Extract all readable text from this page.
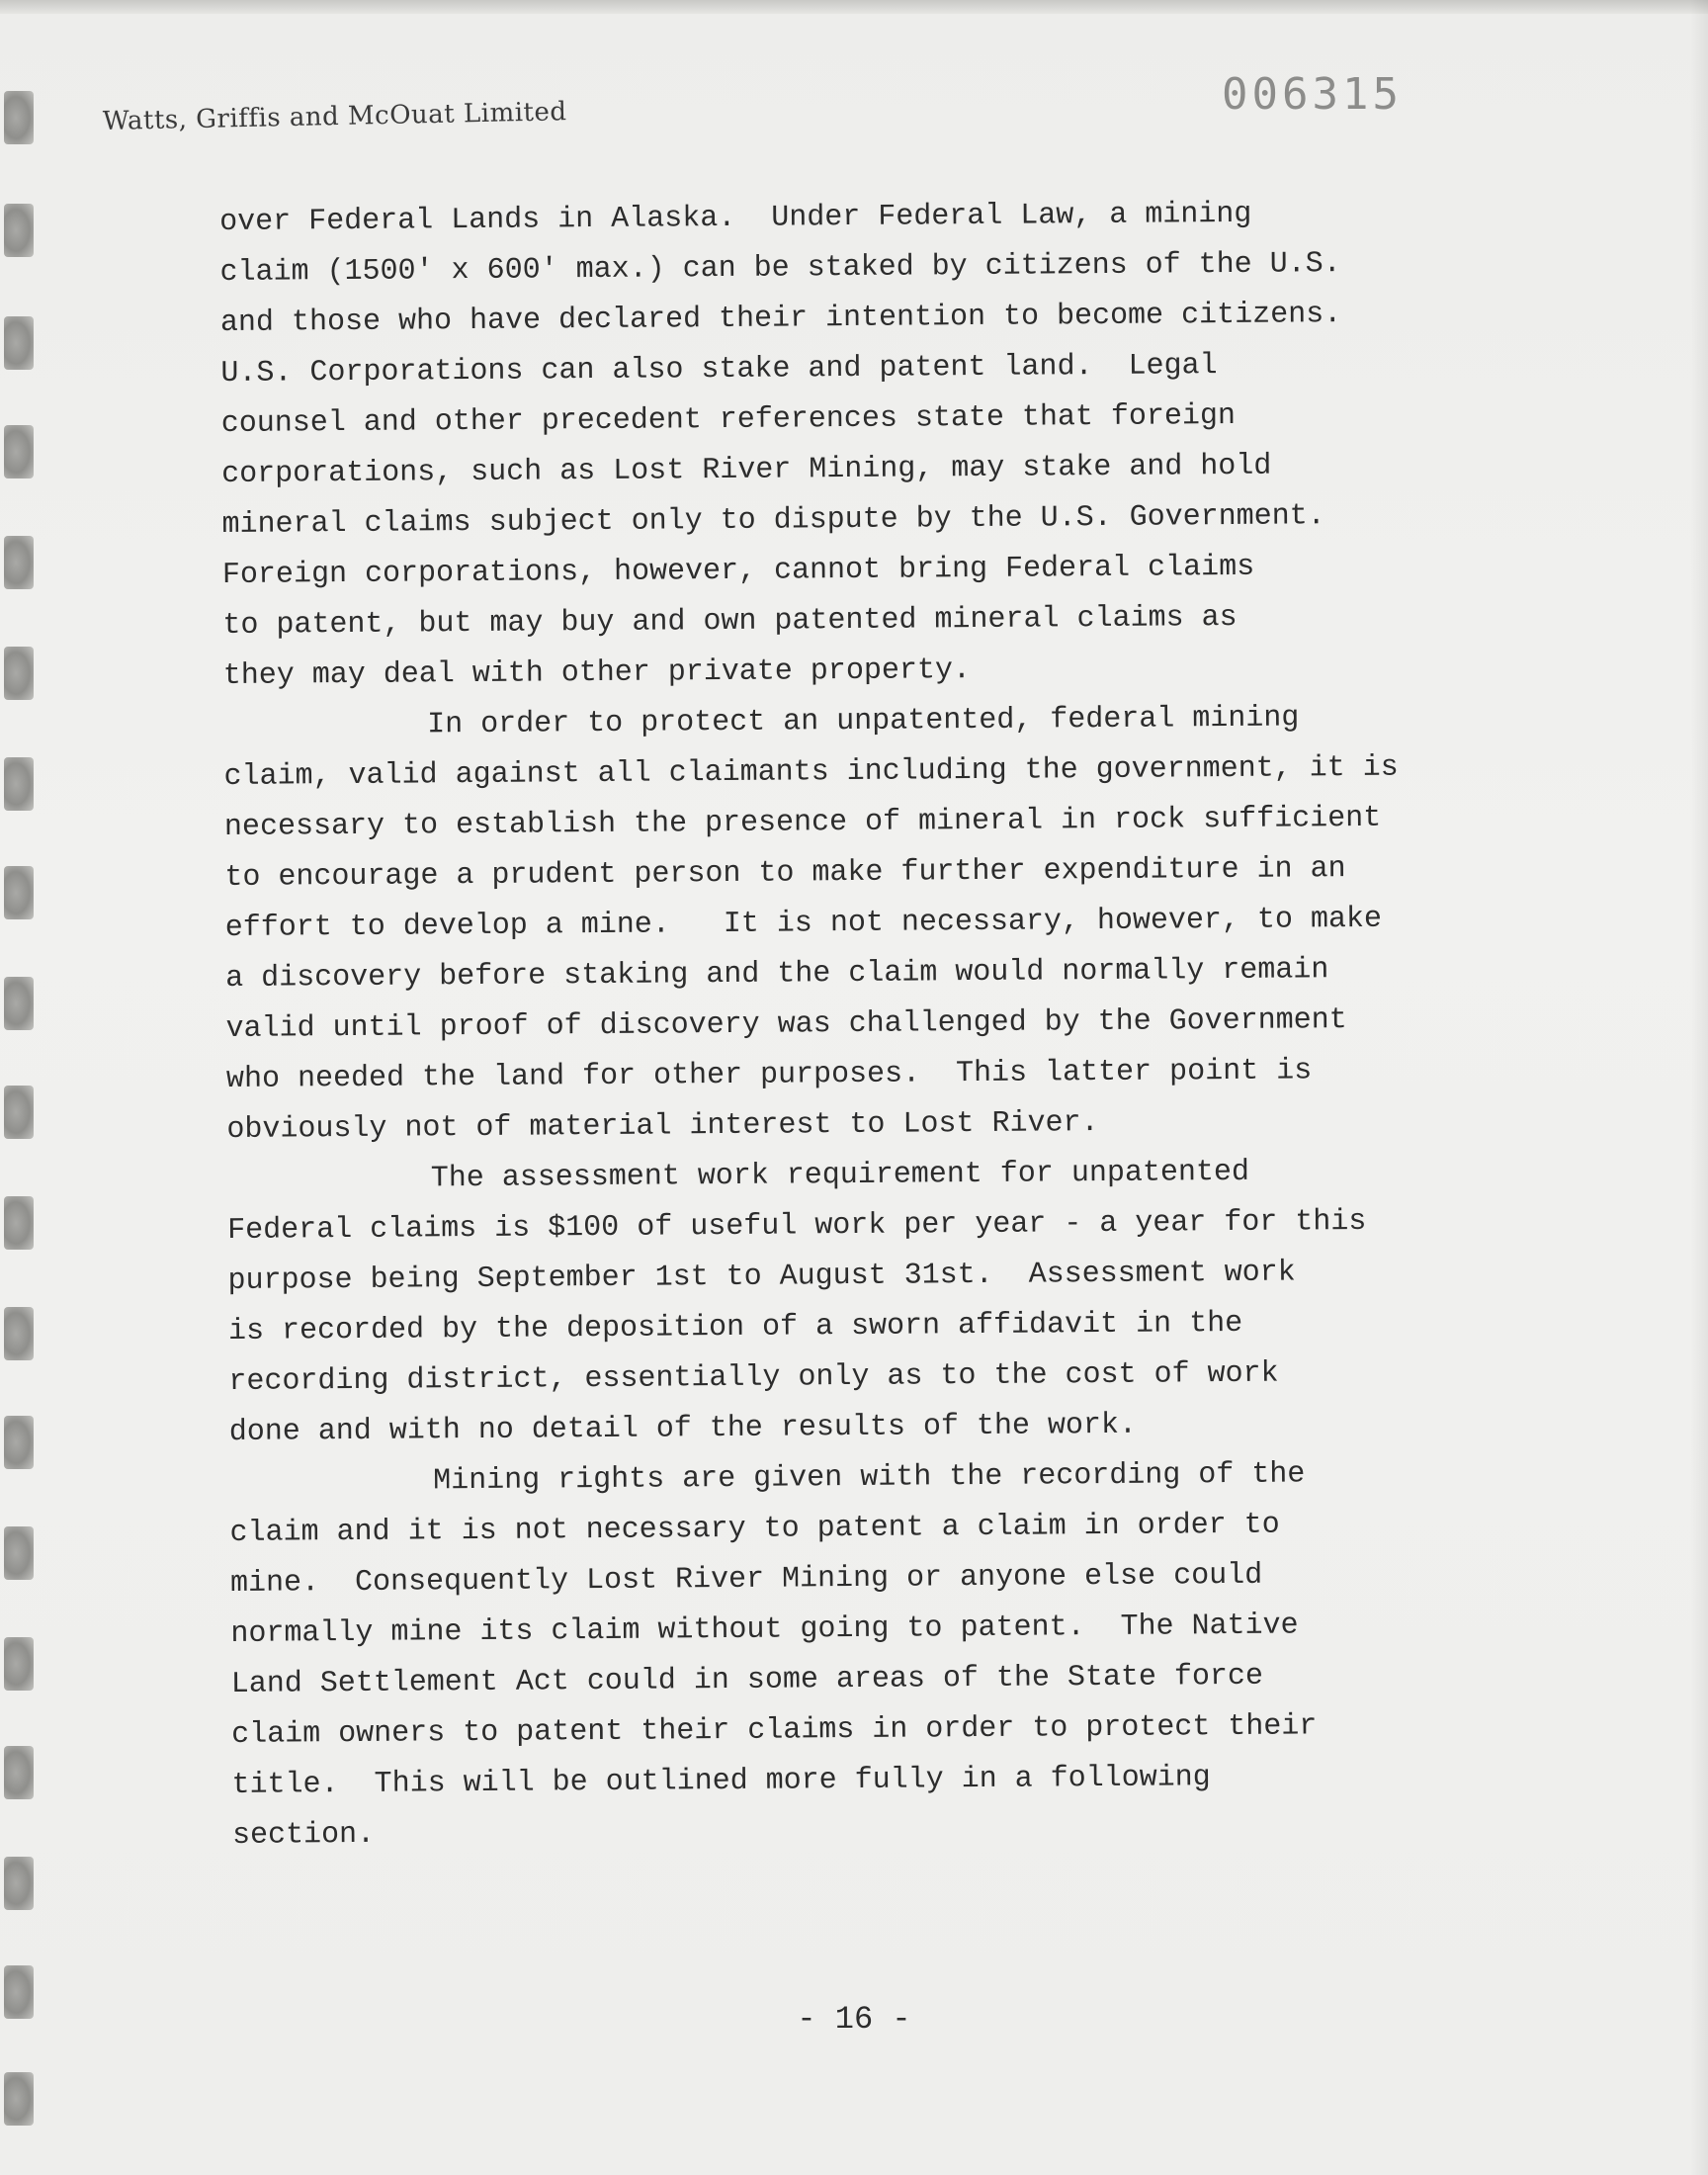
Watts, Griffis and McOuat Limited	006315
over Federal Lands in Alaska.  Under Federal Law, a mining
claim (1500' x 600' max.) can be staked by citizens of the U.S.
and those who have declared their intention to become citizens.
U.S. Corporations can also stake and patent land.  Legal
counsel and other precedent references state that foreign
corporations, such as Lost River Mining, may stake and hold
mineral claims subject only to dispute by the U.S. Government.
Foreign corporations, however, cannot bring Federal claims
to patent, but may buy and own patented mineral claims as
they may deal with other private property.
In order to protect an unpatented, federal mining
claim, valid against all claimants including the government, it is
necessary to establish the presence of mineral in rock sufficient
to encourage a prudent person to make further expenditure in an
effort to develop a mine.   It is not necessary, however, to make
a discovery before staking and the claim would normally remain
valid until proof of discovery was challenged by the Government
who needed the land for other purposes.  This latter point is
obviously not of material interest to Lost River.
The assessment work requirement for unpatented
Federal claims is $100 of useful work per year - a year for this
purpose being September 1st to August 31st.  Assessment work
is recorded by the deposition of a sworn affidavit in the
recording district, essentially only as to the cost of work
done and with no detail of the results of the work.
Mining rights are given with the recording of the
claim and it is not necessary to patent a claim in order to
mine.  Consequently Lost River Mining or anyone else could
normally mine its claim without going to patent.  The Native
Land Settlement Act could in some areas of the State force
claim owners to patent their claims in order to protect their
title.  This will be outlined more fully in a following
section.
- 16 -
